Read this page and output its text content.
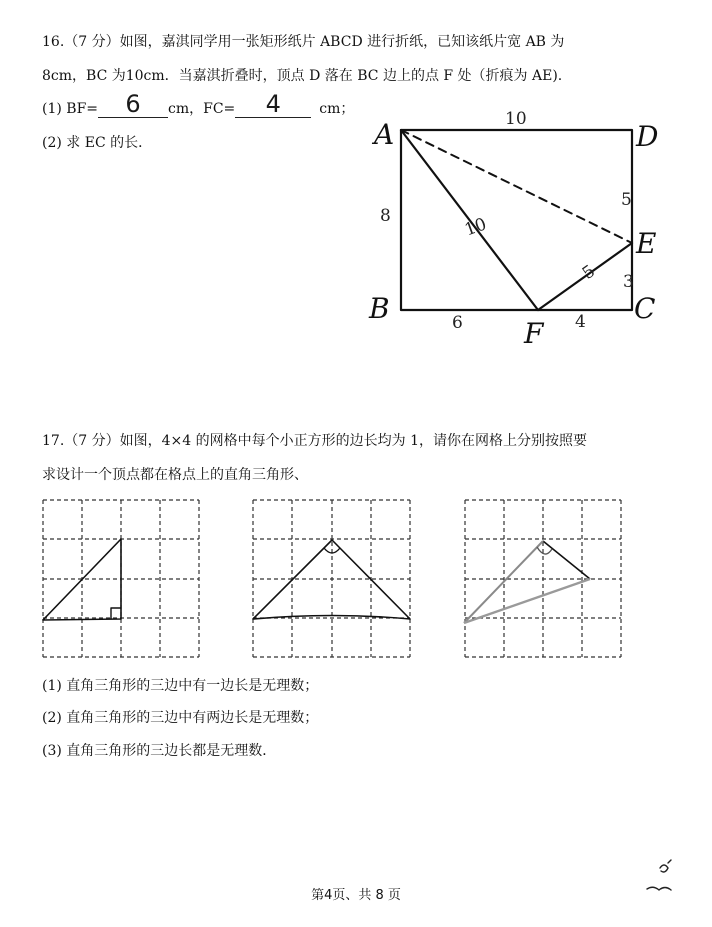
16.（7 分）如图，嘉淇同学用一张矩形纸片 ABCD 进行折纸，已知该纸片宽 AB 为
8cm，BC 为10cm．当嘉淇折叠时，顶点 D 落在 BC 边上的点 F 处（折痕为 AE).
(1) BF=	6	cm，FC=	4	cm；
(2) 求 EC 的长．	A	D
E
B	C
F
10
8	10
6	4
5
5 3
17.（7 分）如图，4×4 的网格中每个小正方形的边长均为 1，请你在网格上分别按照要
求设计一个顶点都在格点上的直角三角形、
(1) 直角三角形的三边中有一边长是无理数；
(2) 直角三角形的三边中有两边长是无理数；
(3) 直角三角形的三边长都是无理数．
第4页、共 8 页
